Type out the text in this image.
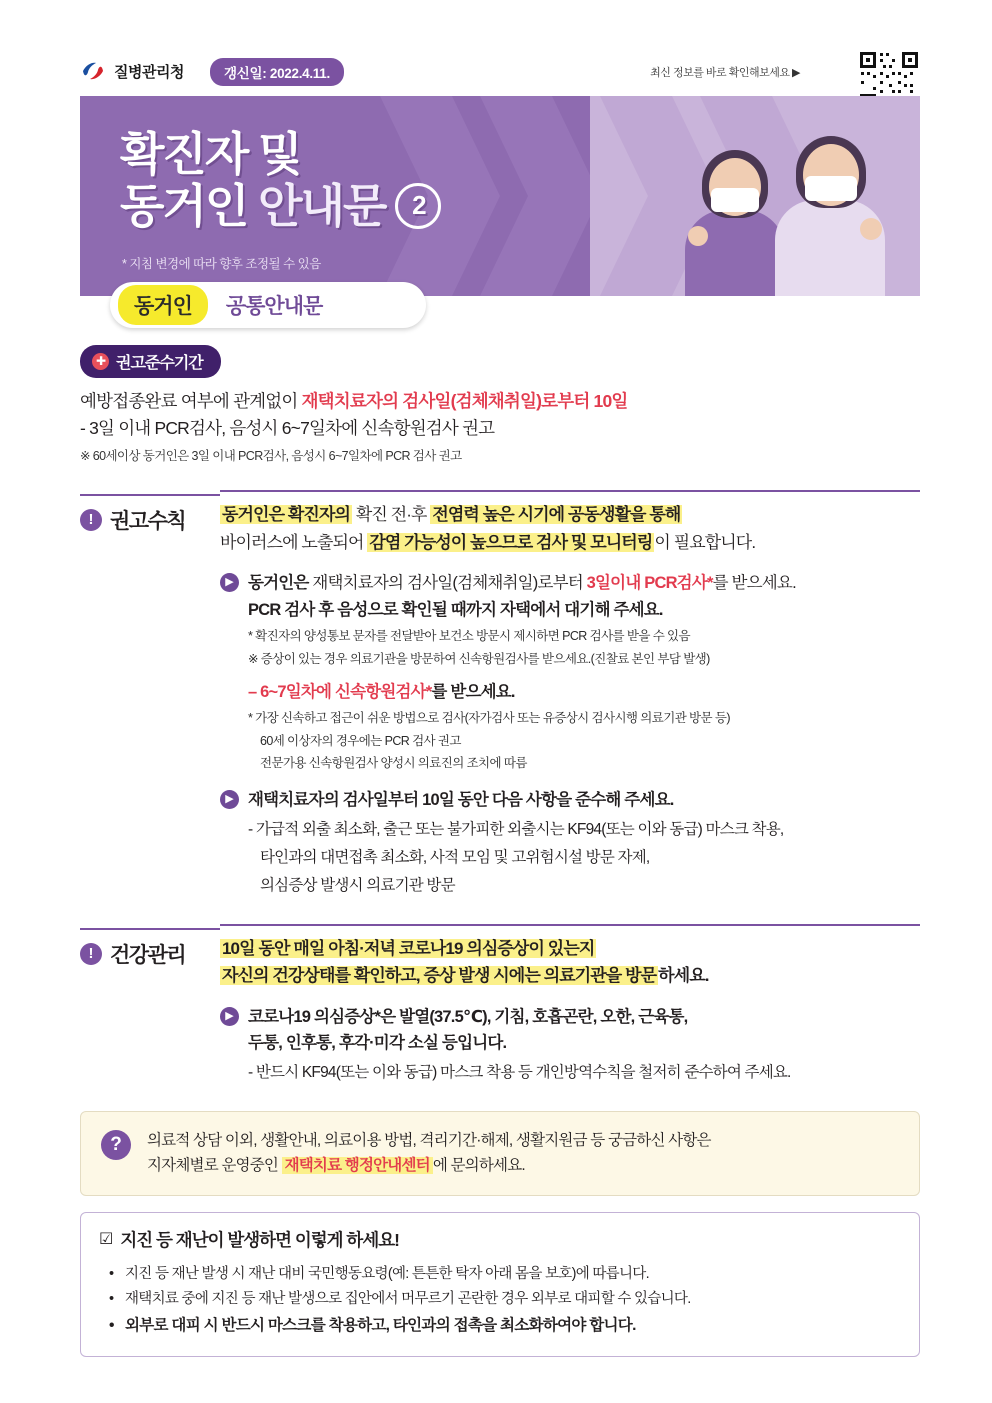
질병관리청	갱신일: 2022.4.11.	최신 정보를 바로 확인해보세요 ▶
확진자 및
동거인 안내문 2
* 지침 변경에 따라 향후 조정될 수 있음
동거인	공통안내문
✚ 권고준수기간
예방접종완료 여부에 관계없이 재택치료자의 검사일(검체채취일)로부터 10일
- 3일 이내 PCR검사, 음성시 6~7일차에 신속항원검사 권고
※ 60세이상 동거인은 3일 이내 PCR검사, 음성시 6~7일차에 PCR 검사 권고
! 권고수칙 동거인은 확진자의 확진 전·후 전염력 높은 시기에 공동생활을 통해
바이러스에 노출되어 감염 가능성이 높으므로 검사 및 모니터링 이 필요합니다.
▶ 동거인은 재택치료자의 검사일(검체채취일)로부터 3일이내 PCR검사*를 받으세요.
PCR 검사 후 음성으로 확인될 때까지 자택에서 대기해 주세요.
* 확진자의 양성통보 문자를 전달받아 보건소 방문시 제시하면 PCR 검사를 받을 수 있음
※ 증상이 있는 경우 의료기관을 방문하여 신속항원검사를 받으세요.(진찰료 본인 부담 발생)
– 6~7일차에 신속항원검사*를 받으세요.
* 가장 신속하고 접근이 쉬운 방법으로 검사(자가검사 또는 유증상시 검사시행 의료기관 방문 등)
60세 이상자의 경우에는 PCR 검사 권고
전문가용 신속항원검사 양성시 의료진의 조치에 따름
▶ 재택치료자의 검사일부터 10일 동안 다음 사항을 준수해 주세요.
- 가급적 외출 최소화, 출근 또는 불가피한 외출시는 KF94(또는 이와 동급) 마스크 착용,
타인과의 대면접촉 최소화, 사적 모임 및 고위험시설 방문 자제,
의심증상 발생시 의료기관 방문
! 건강관리 10일 동안 매일 아침·저녁 코로나19 의심증상이 있는지
자신의 건강상태를 확인하고, 증상 발생 시에는 의료기관을 방문 하세요.
▶ 코로나19 의심증상*은 발열(37.5℃), 기침, 호흡곤란, 오한, 근육통,
두통, 인후통, 후각·미각 소실 등입니다.
- 반드시 KF94(또는 이와 동급) 마스크 착용 등 개인방역수칙을 철저히 준수하여 주세요.
?	의료적 상담 이외, 생활안내, 의료이용 방법, 격리기간·해제, 생활지원금 등 궁금하신 사항은
지자체별로 운영중인 재택치료 행정안내센터 에 문의하세요.
☑ 지진 등 재난이 발생하면 이렇게 하세요!
• 지진 등 재난 발생 시 재난 대비 국민행동요령(예: 튼튼한 탁자 아래 몸을 보호)에 따릅니다.
• 재택치료 중에 지진 등 재난 발생으로 집안에서 머무르기 곤란한 경우 외부로 대피할 수 있습니다.
• 외부로 대피 시 반드시 마스크를 착용하고, 타인과의 접촉을 최소화하여야 합니다.
